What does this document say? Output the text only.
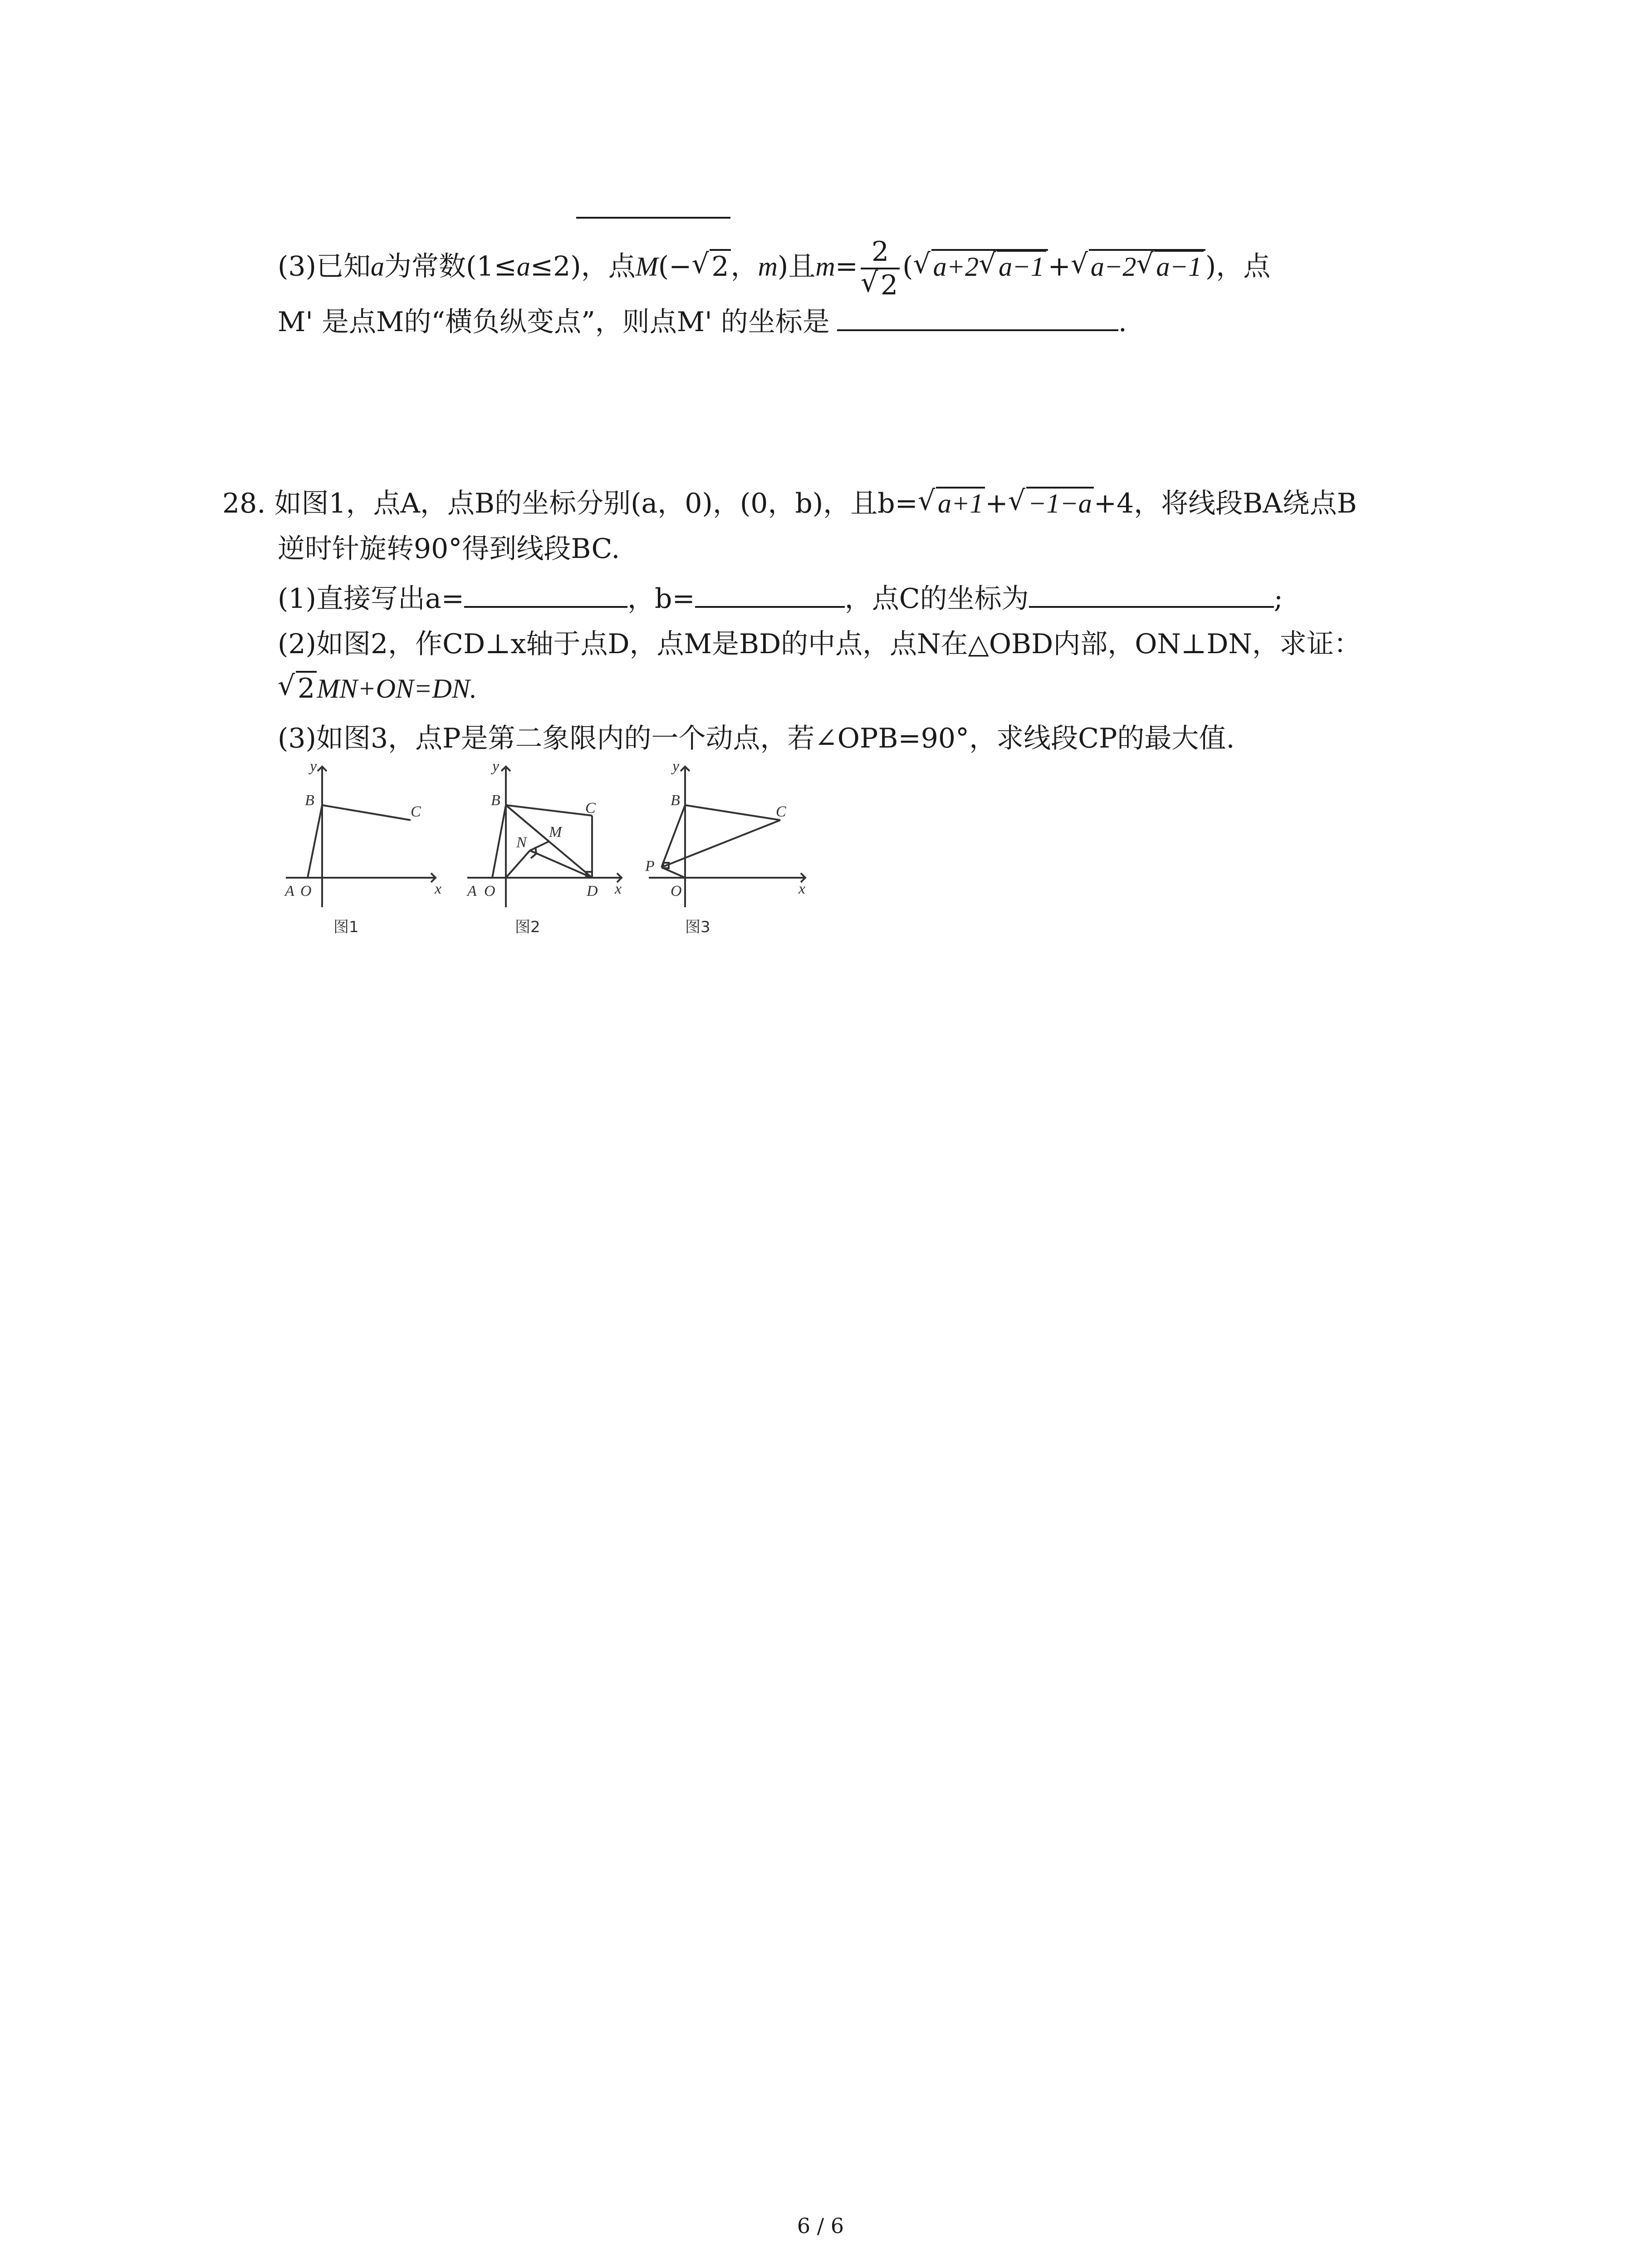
(3)已知a为常数(1≤a≤2)，点M(− √ 2，m)且$m= \frac{2}{√ 2}$ ( √ a+2 √ a−1 + √ a−2 √ a−1 )，点
M' 是点M的“横负纵变点”，则点M' 的坐标是	.
28. 如图1，点A，点B的坐标分别(a，0)，(0，b)，且b= √ a+1+ √ −1−a+4，将线段BA绕点B
逆时针旋转90°得到线段BC.
(1)直接写出a=	，b=	，点C的坐标为	;
(2)如图2，作CD⊥x轴于点D，点M是BD的中点，点N在△OBD内部，ON⊥DN，求证：
√ 2MN+ON=DN.
(3)如图3，点P是第二象限内的一个动点，若∠OPB=90°，求线段CP的最大值.
y
x
B
C
A O
图1
y
x
B	C
A O	D
M
N
图2
y
x
B
C
P
O
图3
6 / 6
